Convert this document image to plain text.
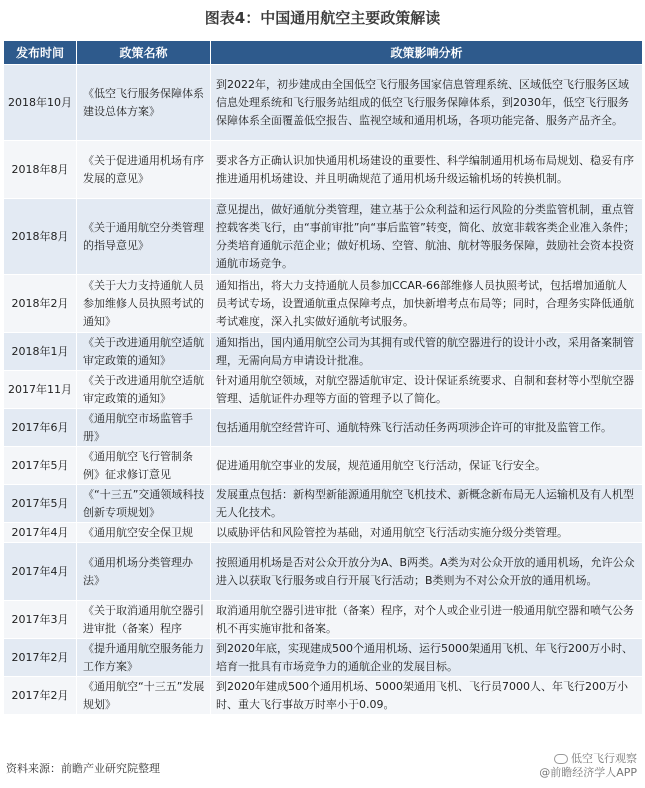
图表4：中国通用航空主要政策解读
发布时间	政策名称	政策影响分析
2018年10月	《低空飞行服务保障体系建设总体方案》	到2022年，初步建成由全国低空飞行服务国家信息管理系统、区域低空飞行服务区域信息处理系统和飞行服务站组成的低空飞行服务保障体系，到2030年，低空飞行服务保障体系全面覆盖低空报告、监视空域和通用机场，各项功能完备、服务产品齐全。
2018年8月	《关于促进通用机场有序发展的意见》	要求各方正确认识加快通用机场建设的重要性、科学编制通用机场布局规划、稳妥有序推进通用机场建设、并且明确规范了通用机场升级运输机场的转换机制。
2018年8月	《关于通用航空分类管理的指导意见》	意见提出，做好通航分类管理，建立基于公众利益和运行风险的分类监管机制，重点管控载客类飞行，由“事前审批”向“事后监管”转变，简化、放宽非载客类企业准入条件；分类培育通航示范企业；做好机场、空管、航油、航材等服务保障，鼓励社会资本投资通航市场竞争。
2018年2月	《关于大力支持通航人员参加维修人员执照考试的通知》	通知指出，将大力支持通航人员参加CCAR-66部维修人员执照考试，包括增加通航人员考试专场，设置通航重点保障考点，加快新增考点布局等；同时，合理务实降低通航考试难度，深入扎实做好通航考试服务。
2018年1月	《关于改进通用航空适航审定政策的通知》	通知指出，国内通用航空公司为其拥有或代管的航空器进行的设计小改，采用备案制管理，无需向局方申请设计批准。
2017年11月	《关于改进通用航空适航审定政策的通知》	针对通用航空领域，对航空器适航审定、设计保证系统要求、自制和套材等小型航空器管理、适航证件办理等方面的管理予以了简化。
2017年6月	《通用航空市场监管手册》	包括通用航空经营许可、通航特殊飞行活动任务两项涉企许可的审批及监管工作。
2017年5月	《通用航空飞行管制条例》征求修订意见	促进通用航空事业的发展，规范通用航空飞行活动，保证飞行安全。
2017年5月	《“十三五”交通领域科技创新专项规划》	发展重点包括：新构型新能源通用航空飞机技术、新概念新布局无人运输机及有人机型无人化技术。
2017年4月	《通用航空安全保卫规	以威胁评估和风险管控为基础，对通用航空飞行活动实施分级分类管理。
2017年4月	《通用机场分类管理办法》	按照通用机场是否对公众开放分为A、B两类。A类为对公众开放的通用机场，允许公众进入以获取飞行服务或自行开展飞行活动；B类则为不对公众开放的通用机场。
2017年3月	《关于取消通用航空器引进审批（备案）程序	取消通用航空器引进审批（备案）程序，对个人或企业引进一般通用航空器和喷气公务机不再实施审批和备案。
2017年2月	《提升通用航空服务能力工作方案》	到2020年底，实现建成500个通用机场、运行5000架通用飞机、年飞行200万小时、培育一批具有市场竞争力的通航企业的发展目标。
2017年2月	《通用航空“十三五”发展规划》	到2020年建成500个通用机场、5000架通用飞机、飞行员7000人、年飞行200万小时、重大飞行事故万时率小于0.09。
资料来源：前瞻产业研究院整理
低空飞行观察
@前瞻经济学人APP
